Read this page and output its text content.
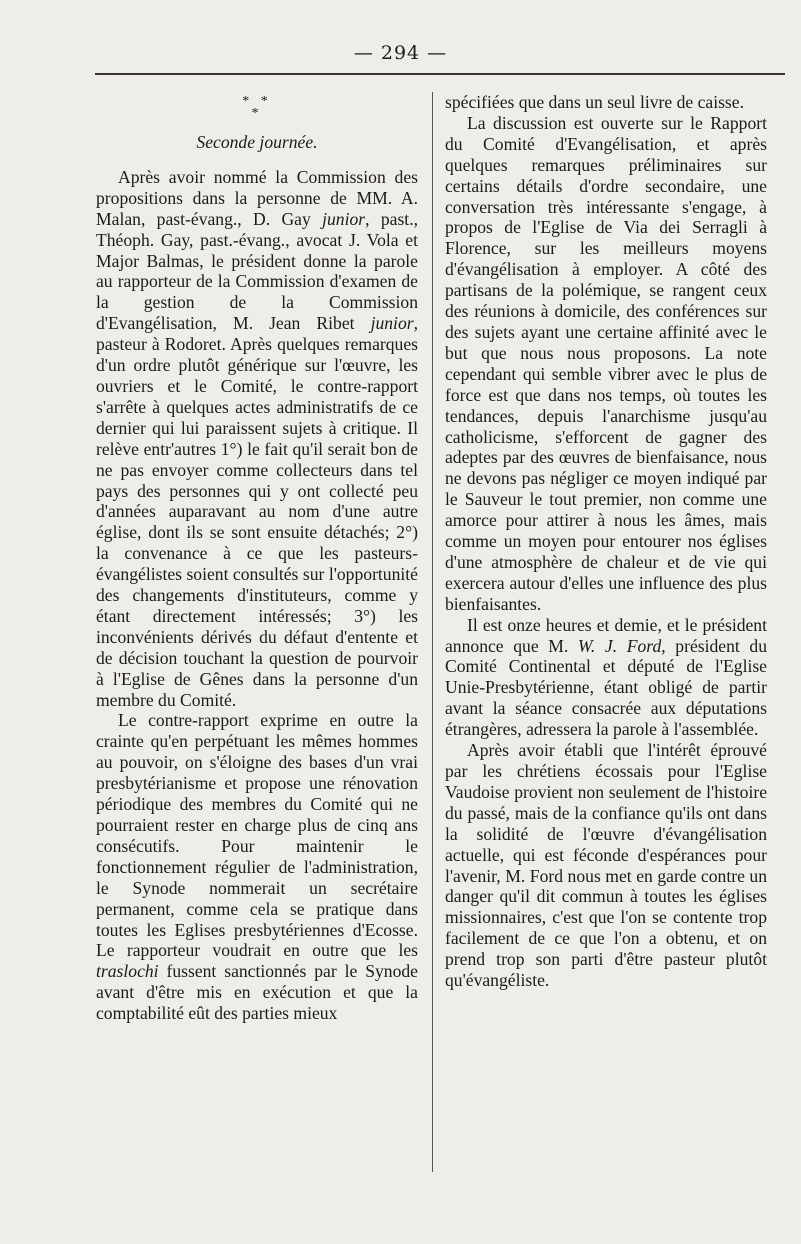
— 294 —
* *
*
Seconde journée.

Après avoir nommé la Commission des propositions dans la personne de MM. A. Malan, past-évang., D. Gay junior, past., Théoph. Gay, past.-évang., avocat J. Vola et Major Balmas, le président donne la parole au rapporteur de la Commission d'examen de la gestion de la Commission d'Evangélisation, M. Jean Ribet junior, pasteur à Rodoret. Après quelques remarques d'un ordre plutôt générique sur l'œuvre, les ouvriers et le Comité, le contre-rapport s'arrête à quelques actes administratifs de ce dernier qui lui paraissent sujets à critique. Il relève entr'autres 1°) le fait qu'il serait bon de ne pas envoyer comme collecteurs dans tel pays des personnes qui y ont collecté peu d'années auparavant au nom d'une autre église, dont ils se sont ensuite détachés; 2°) la convenance à ce que les pasteurs-évangélistes soient consultés sur l'opportunité des changements d'instituteurs, comme y étant directement intéressés; 3°) les inconvénients dérivés du défaut d'entente et de décision touchant la question de pourvoir à l'Eglise de Gênes dans la personne d'un membre du Comité.

Le contre-rapport exprime en outre la crainte qu'en perpétuant les mêmes hommes au pouvoir, on s'éloigne des bases d'un vrai presbytérianisme et propose une rénovation périodique des membres du Comité qui ne pourraient rester en charge plus de cinq ans consécutifs. Pour maintenir le fonctionnement régulier de l'administration, le Synode nommerait un secrétaire permanent, comme cela se pratique dans toutes les Eglises presbytériennes d'Ecosse. Le rapporteur voudrait en outre que les traslochi fussent sanctionnés par le Synode avant d'être mis en exécution et que la comptabilité eût des parties mieux

spécifiées que dans un seul livre de caisse.

La discussion est ouverte sur le Rapport du Comité d'Evangélisation, et après quelques remarques préliminaires sur certains détails d'ordre secondaire, une conversation très intéressante s'engage, à propos de l'Eglise de Via dei Serragli à Florence, sur les meilleurs moyens d'évangélisation à employer. A côté des partisans de la polémique, se rangent ceux des réunions à domicile, des conférences sur des sujets ayant une certaine affinité avec le but que nous nous proposons. La note cependant qui semble vibrer avec le plus de force est que dans nos temps, où toutes les tendances, depuis l'anarchisme jusqu'au catholicisme, s'efforcent de gagner des adeptes par des œuvres de bienfaisance, nous ne devons pas négliger ce moyen indiqué par le Sauveur le tout premier, non comme une amorce pour attirer à nous les âmes, mais comme un moyen pour entourer nos églises d'une atmosphère de chaleur et de vie qui exercera autour d'elles une influence des plus bienfaisantes.

Il est onze heures et demie, et le président annonce que M. W. J. Ford, président du Comité Continental et député de l'Eglise Unie-Presbytérienne, étant obligé de partir avant la séance consacrée aux députations étrangères, adressera la parole à l'assemblée.

Après avoir établi que l'intérêt éprouvé par les chrétiens écossais pour l'Eglise Vaudoise provient non seulement de l'histoire du passé, mais de la confiance qu'ils ont dans la solidité de l'œuvre d'évangélisation actuelle, qui est féconde d'espérances pour l'avenir, M. Ford nous met en garde contre un danger qu'il dit commun à toutes les églises missionnaires, c'est que l'on se contente trop facilement de ce que l'on a obtenu, et on prend trop son parti d'être pasteur plutôt qu'évangéliste.
